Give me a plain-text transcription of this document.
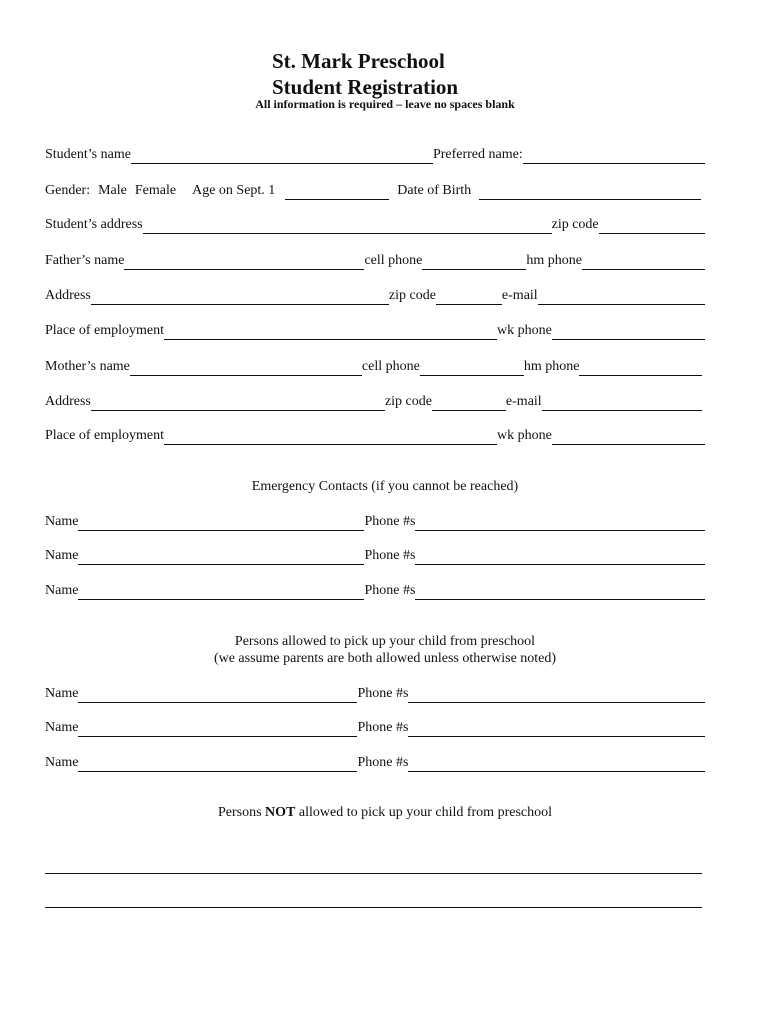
St. Mark Preschool
Student Registration
All information is required – leave no spaces blank
Student’s name	Preferred name:
Gender: Male Female Age on Sept. 1	Date of Birth
Student’s address	zip code
Father’s name	cell phone	hm phone
Address	zip code	e-mail
Place of employment	wk phone
Mother’s name	cell phone	hm phone
Address	zip code	e-mail
Place of employment	wk phone
Emergency Contacts (if you cannot be reached)
Name	Phone #s
Name	Phone #s
Name	Phone #s
Persons allowed to pick up your child from preschool
(we assume parents are both allowed unless otherwise noted)
Name	Phone #s
Name	Phone #s
Name	Phone #s
Persons NOT allowed to pick up your child from preschool
